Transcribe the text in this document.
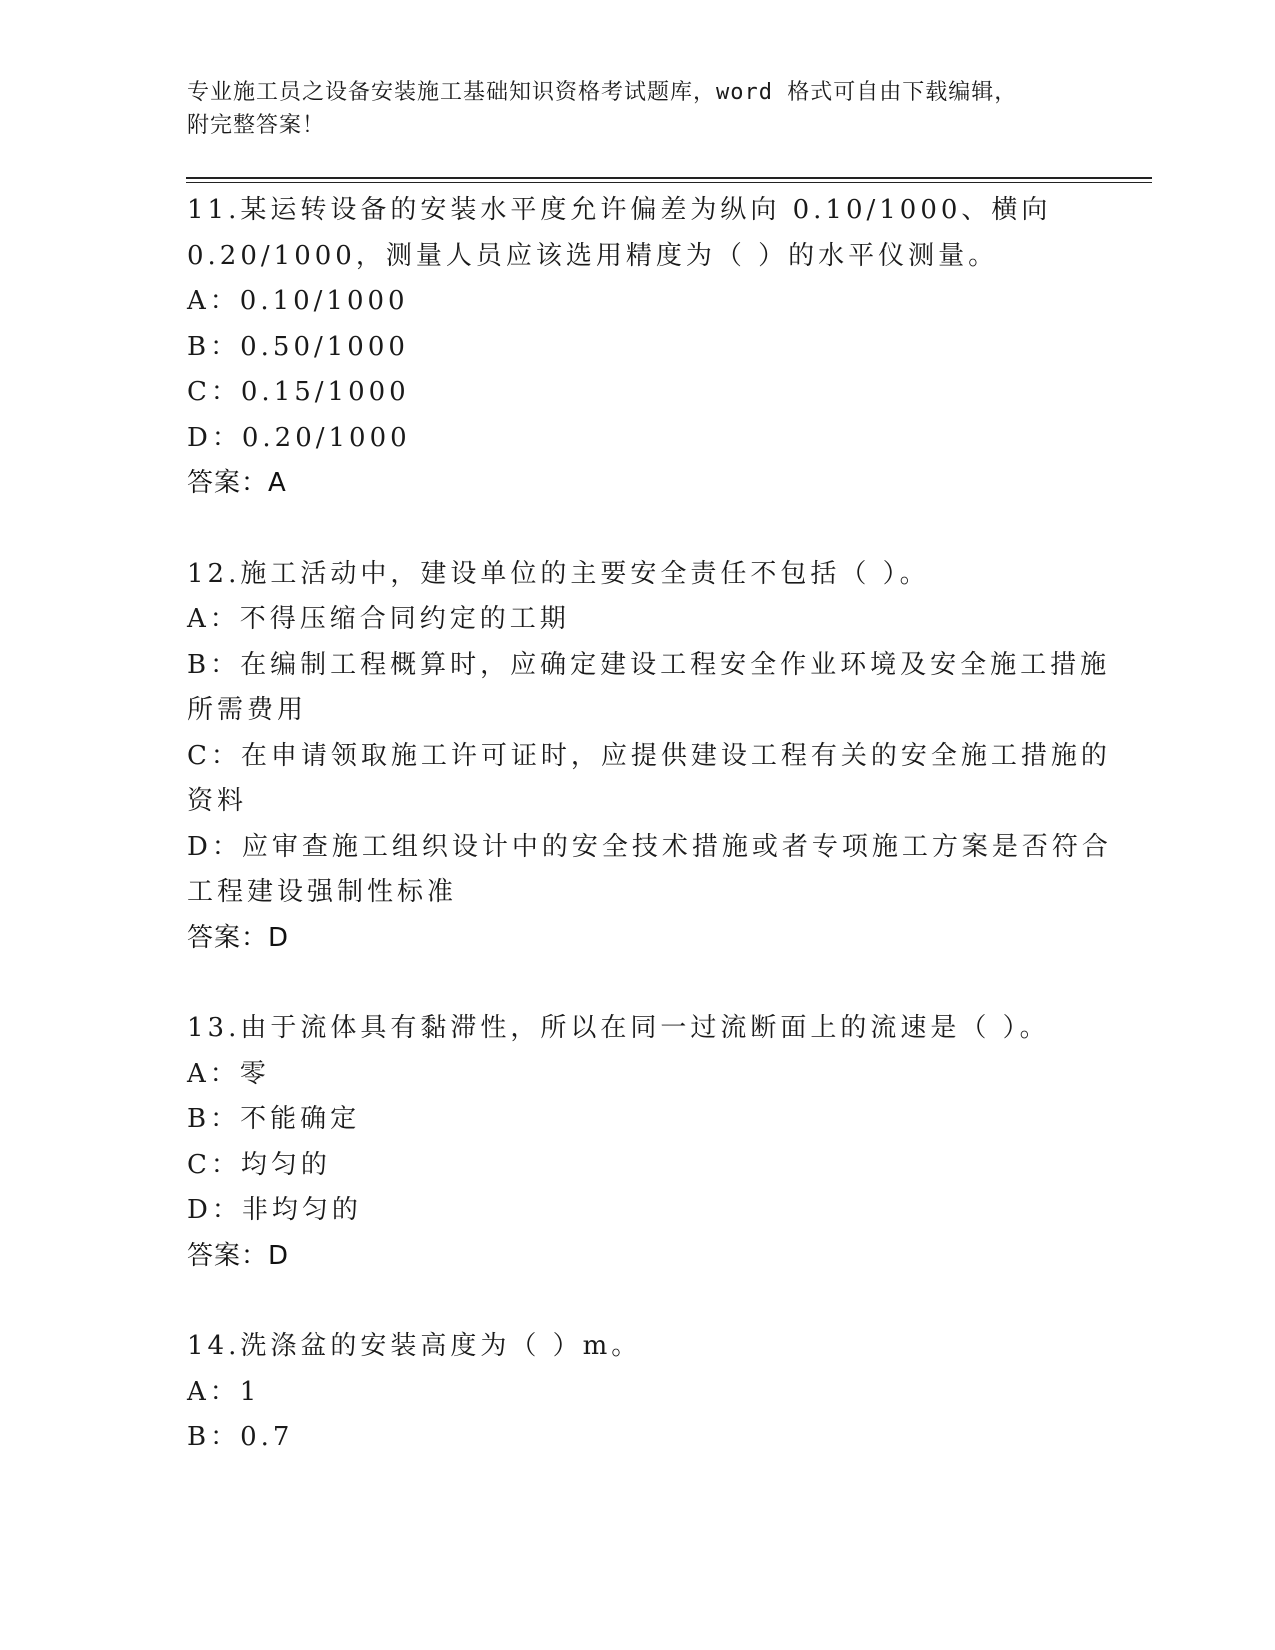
专业施工员之设备安装施工基础知识资格考试题库，word 格式可自由下载编辑，
附完整答案！
11.某运转设备的安装水平度允许偏差为纵向 0.10/1000、横向
0.20/1000，测量人员应该选用精度为（ ）的水平仪测量。
A：0.10/1000
B：0.50/1000
C：0.15/1000
D：0.20/1000
答案：A
12.施工活动中，建设单位的主要安全责任不包括（ ）。
A：不得压缩合同约定的工期
B：在编制工程概算时，应确定建设工程安全作业环境及安全施工措施
所需费用
C：在申请领取施工许可证时，应提供建设工程有关的安全施工措施的
资料
D：应审查施工组织设计中的安全技术措施或者专项施工方案是否符合
工程建设强制性标准
答案：D
13.由于流体具有黏滞性，所以在同一过流断面上的流速是（ ）。
A：零
B：不能确定
C：均匀的
D：非均匀的
答案：D
14.洗涤盆的安装高度为（ ）m。
A：1
B：0.7
